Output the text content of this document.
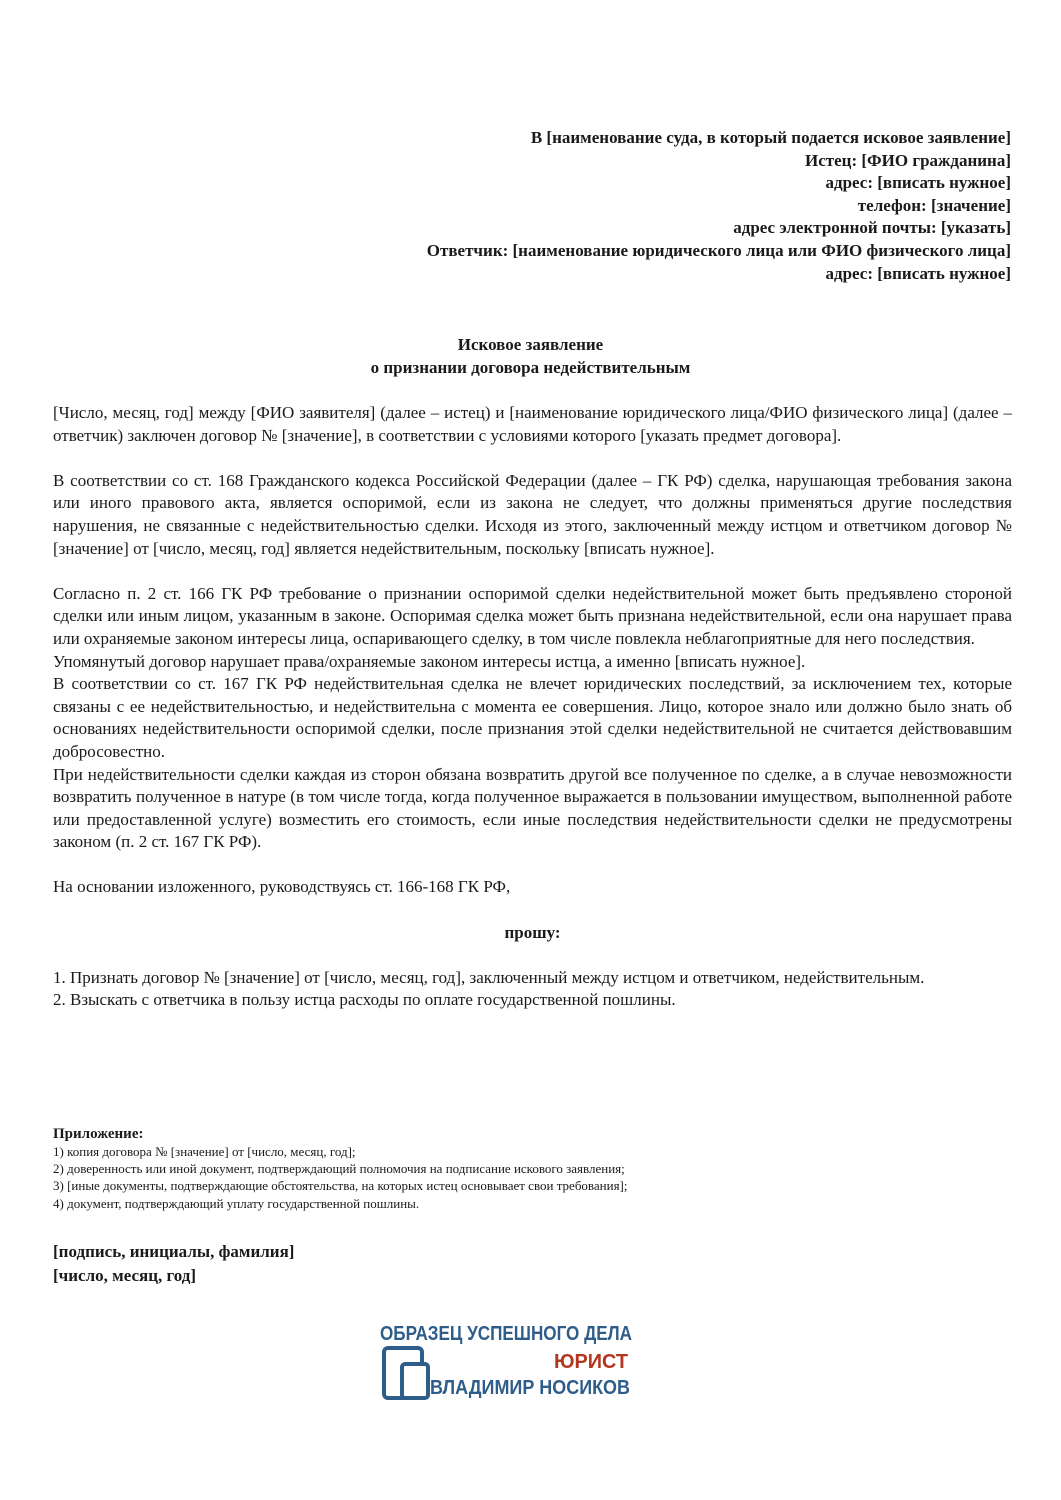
В [наименование суда, в который подается исковое заявление]
Истец: [ФИО гражданина]
адрес: [вписать нужное]
телефон: [значение]
адрес электронной почты: [указать]
Ответчик: [наименование юридического лица или ФИО физического лица]
адрес: [вписать нужное]
Исковое заявление
о признании договора недействительным

[Число, месяц, год] между [ФИО заявителя] (далее – истец) и [наименование юридического лица/ФИО физического лица] (далее – ответчик) заключен договор № [значение], в соответствии с условиями которого [указать предмет договора].

В соответствии со ст. 168 Гражданского кодекса Российской Федерации (далее – ГК РФ) сделка, нарушающая требования закона или иного правового акта, является оспоримой, если из закона не следует, что должны применяться другие последствия нарушения, не связанные с недействительностью сделки. Исходя из этого, заключенный между истцом и ответчиком договор № [значение] от [число, месяц, год] является недействительным, поскольку [вписать нужное].

Согласно п. 2 ст. 166 ГК РФ требование о признании оспоримой сделки недействительной может быть предъявлено стороной сделки или иным лицом, указанным в законе. Оспоримая сделка может быть признана недействительной, если она нарушает права или охраняемые законом интересы лица, оспаривающего сделку, в том числе повлекла неблагоприятные для него последствия.

Упомянутый договор нарушает права/охраняемые законом интересы истца, а именно [вписать нужное].

В соответствии со ст. 167 ГК РФ недействительная сделка не влечет юридических последствий, за исключением тех, которые связаны с ее недействительностью, и недействительна с момента ее совершения. Лицо, которое знало или должно было знать об основаниях недействительности оспоримой сделки, после признания этой сделки недействительной не считается действовавшим добросовестно.

При недействительности сделки каждая из сторон обязана возвратить другой все полученное по сделке, а в случае невозможности возвратить полученное в натуре (в том числе тогда, когда полученное выражается в пользовании имуществом, выполненной работе или предоставленной услуге) возместить его стоимость, если иные последствия недействительности сделки не предусмотрены законом (п. 2 ст. 167 ГК РФ).

На основании изложенного, руководствуясь ст. 166-168 ГК РФ,

прошу:

1. Признать договор № [значение] от [число, месяц, год], заключенный между истцом и ответчиком, недействительным.

2. Взыскать с ответчика в пользу истца расходы по оплате государственной пошлины.

Приложение:
1) копия договора № [значение] от [число, месяц, год];
2) доверенность или иной документ, подтверждающий полномочия на подписание искового заявления;
3) [иные документы, подтверждающие обстоятельства, на которых истец основывает свои требования];
4) документ, подтверждающий уплату государственной пошлины.
[подпись, инициалы, фамилия]
[число, месяц, год]
ОБРАЗЕЦ УСПЕШНОГО ДЕЛА
ЮРИСТ
ВЛАДИМИР НОСИКОВ
